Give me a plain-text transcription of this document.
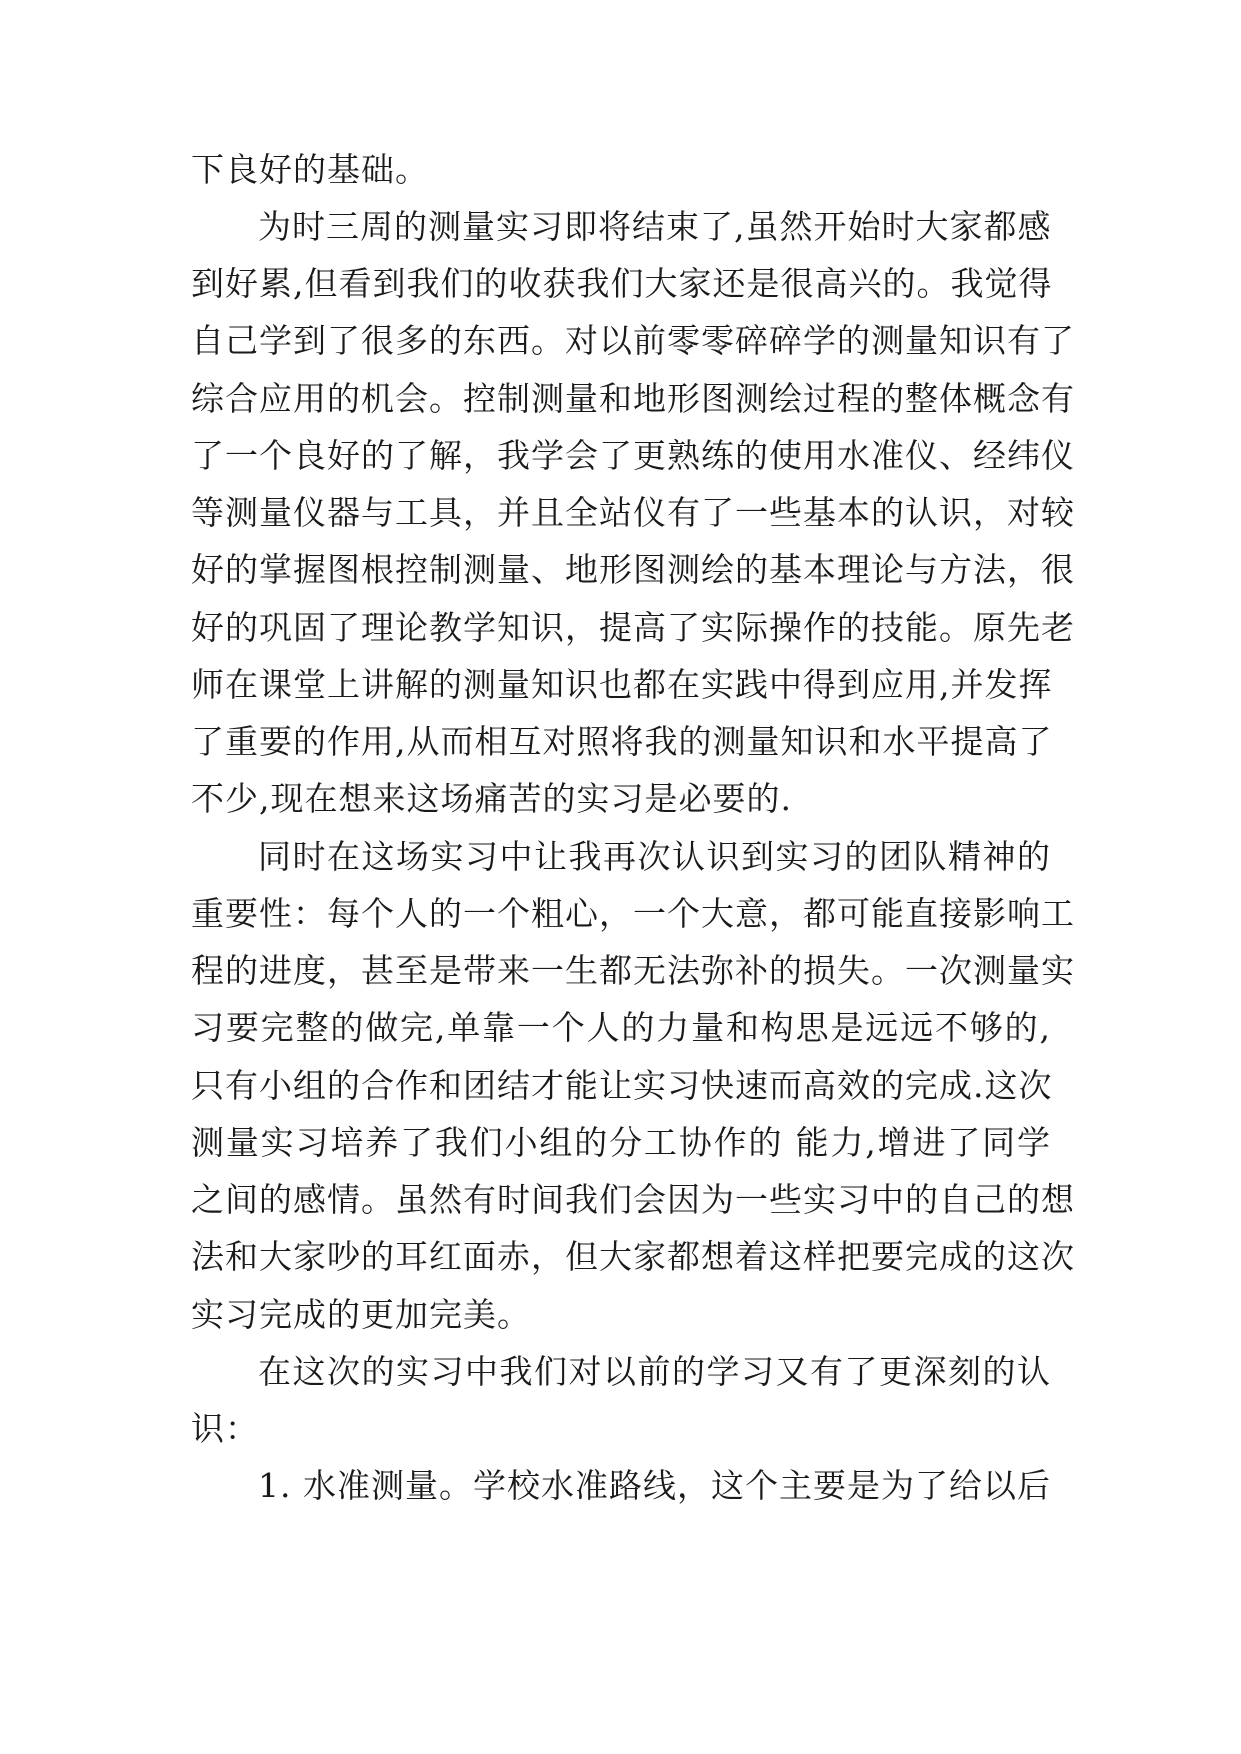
下良好的基础。
为时三周的测量实习即将结束了,虽然开始时大家都感
到好累,但看到我们的收获我们大家还是很高兴的。我觉得
自己学到了很多的东西。对以前零零碎碎学的测量知识有了
综合应用的机会。控制测量和地形图测绘过程的整体概念有
了一个良好的了解，我学会了更熟练的使用水准仪、经纬仪
等测量仪器与工具，并且全站仪有了一些基本的认识，对较
好的掌握图根控制测量、地形图测绘的基本理论与方法，很
好的巩固了理论教学知识，提高了实际操作的技能。原先老
师在课堂上讲解的测量知识也都在实践中得到应用,并发挥
了重要的作用,从而相互对照将我的测量知识和水平提高了
不少,现在想来这场痛苦的实习是必要的.
同时在这场实习中让我再次认识到实习的团队精神的
重要性：每个人的一个粗心，一个大意，都可能直接影响工
程的进度，甚至是带来一生都无法弥补的损失。一次测量实
习要完整的做完,单靠一个人的力量和构思是远远不够的,
只有小组的合作和团结才能让实习快速而高效的完成.这次
测量实习培养了我们小组的分工协作的 能力,增进了同学
之间的感情。虽然有时间我们会因为一些实习中的自己的想
法和大家吵的耳红面赤，但大家都想着这样把要完成的这次
实习完成的更加完美。
在这次的实习中我们对以前的学习又有了更深刻的认
识：
1. 水准测量。学校水准路线，这个主要是为了给以后
